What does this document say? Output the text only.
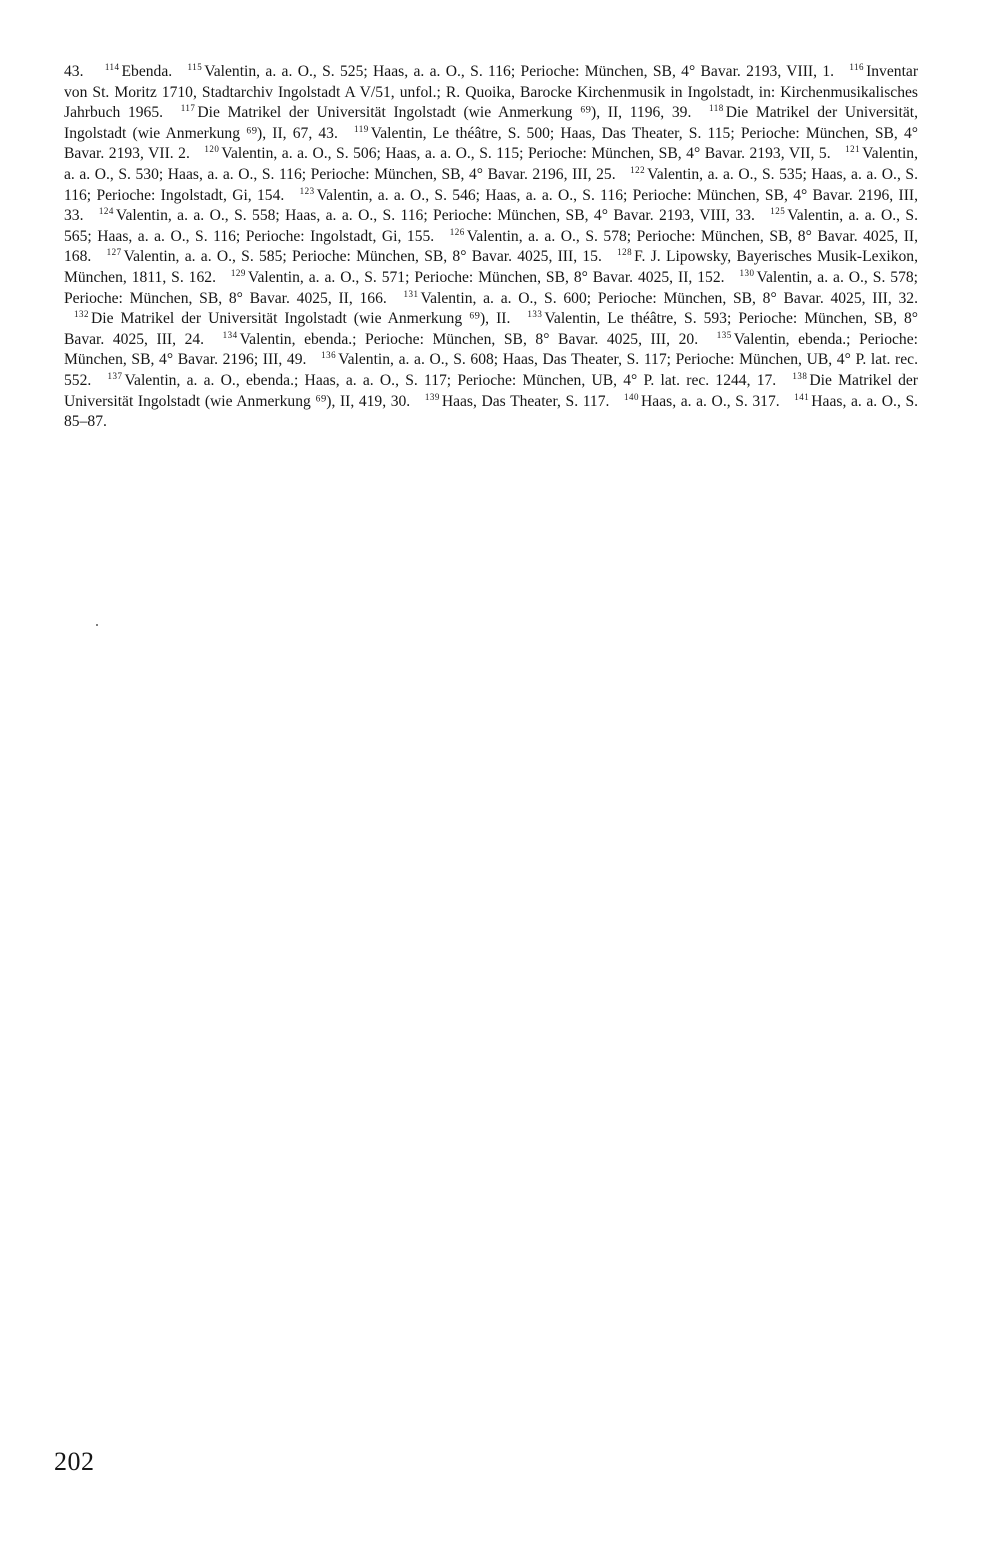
43. $^{114}$ Ebenda. $^{115}$ Valentin, a. a. O., S. 525; Haas, a. a. O., S. 116; Perioche: München, SB, 4° Bavar. 2193, VIII, 1. $^{116}$ Inventar von St. Moritz 1710, Stadtarchiv Ingolstadt A V/51, unfol.; R. Quoika, Barocke Kirchenmusik in Ingolstadt, in: Kirchenmusikalisches Jahrbuch 1965. $^{117}$ Die Matrikel der Universität Ingolstadt (wie Anmerkung ⁶⁹), II, 1196, 39. $^{118}$ Die Matrikel der Universität, Ingolstadt (wie Anmerkung ⁶⁹), II, 67, 43. $^{119}$ Valentin, Le théâtre, S. 500; Haas, Das Theater, S. 115; Perioche: München, SB, 4° Bavar. 2193, VII. 2. $^{120}$ Valentin, a. a. O., S. 506; Haas, a. a. O., S. 115; Perioche: München, SB, 4° Bavar. 2193, VII, 5. $^{121}$ Valentin, a. a. O., S. 530; Haas, a. a. O., S. 116; Perioche: München, SB, 4° Bavar. 2196, III, 25. $^{122}$ Valentin, a. a. O., S. 535; Haas, a. a. O., S. 116; Perioche: Ingolstadt, Gi, 154. $^{123}$ Valentin, a. a. O., S. 546; Haas, a. a. O., S. 116; Perioche: München, SB, 4° Bavar. 2196, III, 33. $^{124}$ Valentin, a. a. O., S. 558; Haas, a. a. O., S. 116; Perioche: München, SB, 4° Bavar. 2193, VIII, 33. $^{125}$ Valentin, a. a. O., S. 565; Haas, a. a. O., S. 116; Perioche: Ingolstadt, Gi, 155. $^{126}$ Valentin, a. a. O., S. 578; Perioche: München, SB, 8° Bavar. 4025, II, 168. $^{127}$ Valentin, a. a. O., S. 585; Perioche: München, SB, 8° Bavar. 4025, III, 15. $^{128}$ F. J. Lipowsky, Bayerisches Musik-Lexikon, München, 1811, S. 162. $^{129}$ Valentin, a. a. O., S. 571; Perioche: München, SB, 8° Bavar. 4025, II, 152. $^{130}$ Valentin, a. a. O., S. 578; Perioche: München, SB, 8° Bavar. 4025, II, 166. $^{131}$ Valentin, a. a. O., S. 600; Perioche: München, SB, 8° Bavar. 4025, III, 32. $^{132}$ Die Matrikel der Universität Ingolstadt (wie Anmerkung ⁶⁹), II. $^{133}$ Valentin, Le théâtre, S. 593; Perioche: München, SB, 8° Bavar. 4025, III, 24. $^{134}$ Valentin, ebenda.; Perioche: München, SB, 8° Bavar. 4025, III, 20. $^{135}$ Valentin, ebenda.; Perioche: München, SB, 4° Bavar. 2196; III, 49. $^{136}$ Valentin, a. a. O., S. 608; Haas, Das Theater, S. 117; Perioche: München, UB, 4° P. lat. rec. 552. $^{137}$ Valentin, a. a. O., ebenda.; Haas, a. a. O., S. 117; Perioche: München, UB, 4° P. lat. rec. 1244, 17. $^{138}$ Die Matrikel der Universität Ingolstadt (wie Anmerkung ⁶⁹), II, 419, 30. $^{139}$ Haas, Das Theater, S. 117. $^{140}$ Haas, a. a. O., S. 317. $^{141}$ Haas, a. a. O., S. 85–87.
202
